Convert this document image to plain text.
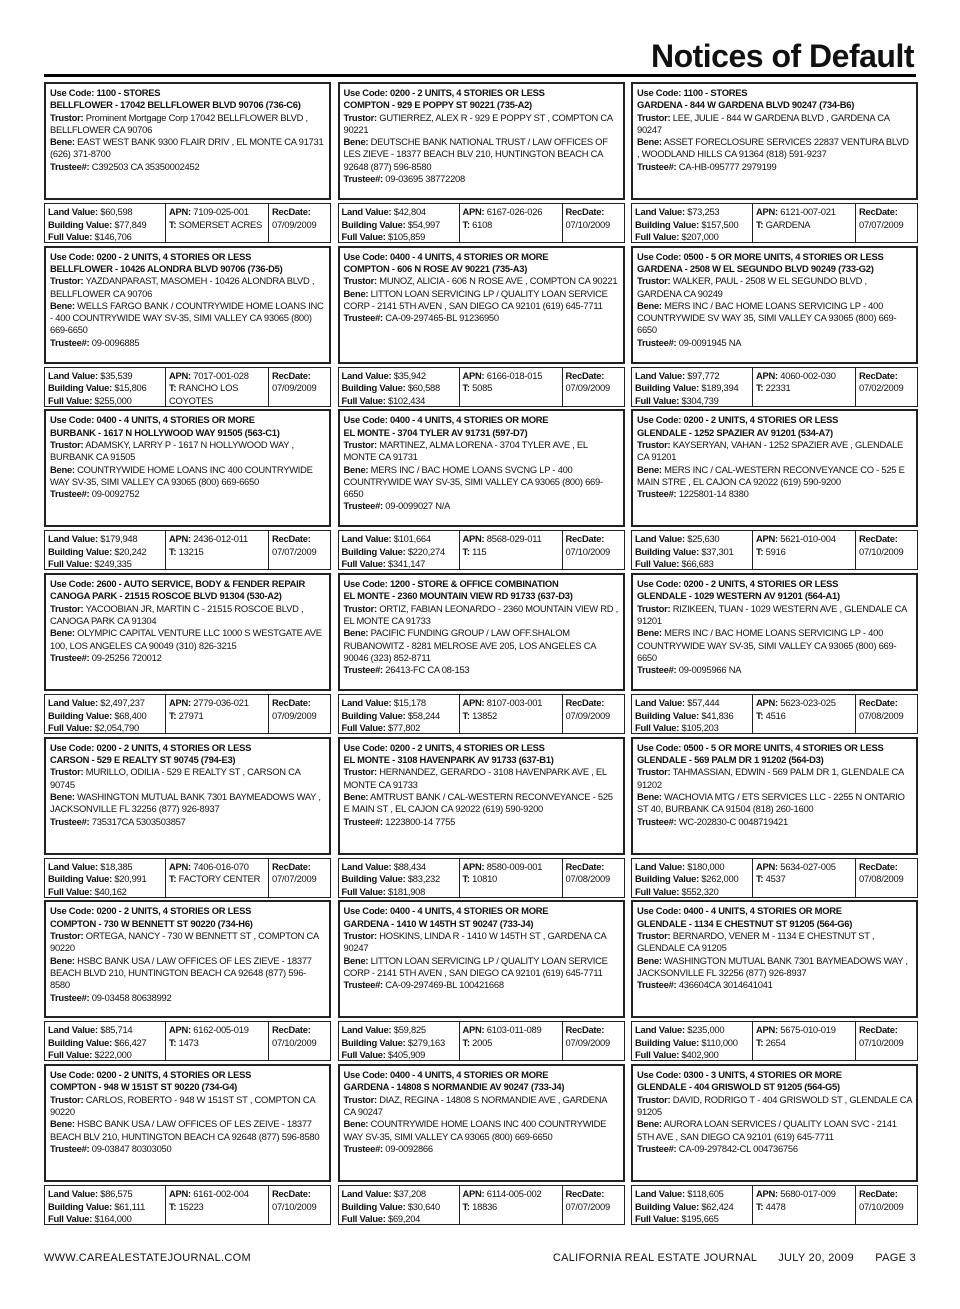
Notices of Default
Use Code: 1100 - STORES
BELLFLOWER - 17042 BELLFLOWER BLVD 90706 (736-C6)
Trustor: Prominent Mortgage Corp 17042 BELLFLOWER BLVD , BELLFLOWER CA 90706
Bene: EAST WEST BANK 9300 FLAIR DRIV , EL MONTE CA 91731 (626) 371-8700
Trustee#: C392503 CA 35350002452
Land Value: $60,598
Building Value: $77,849
Full Value: $146,706
APN: 7109-025-001
T: SOMERSET ACRES
RecDate:
07/09/2009
Use Code: 0200 - 2 UNITS, 4 STORIES OR LESS
COMPTON - 929 E POPPY ST 90221 (735-A2)
Trustor: GUTIERREZ, ALEX R - 929 E POPPY ST , COMPTON CA 90221
Bene: DEUTSCHE BANK NATIONAL TRUST / LAW OFFICES OF LES ZIEVE - 18377 BEACH BLV 210, HUNTINGTON BEACH CA 92648 (877) 596-8580
Trustee#: 09-03695 38772208
Land Value: $42,804
Building Value: $54,997
Full Value: $105,859
APN: 6167-026-026
T: 6108
RecDate:
07/10/2009
Use Code: 1100 - STORES
GARDENA - 844 W GARDENA BLVD 90247 (734-B6)
Trustor: LEE, JULIE - 844 W GARDENA BLVD , GARDENA CA 90247
Bene: ASSET FORECLOSURE SERVICES 22837 VENTURA BLVD , WOODLAND HILLS CA 91364 (818) 591-9237
Trustee#: CA-HB-095777 2979199
Land Value: $73,253
Building Value: $157,500
Full Value: $207,000
APN: 6121-007-021
T: GARDENA
RecDate:
07/07/2009
Use Code: 0200 - 2 UNITS, 4 STORIES OR LESS
BELLFLOWER - 10426 ALONDRA BLVD 90706 (736-D5)
Trustor: YAZDANPARAST, MASOMEH - 10426 ALONDRA BLVD , BELLFLOWER CA 90706
Bene: WELLS FARGO BANK / COUNTRYWIDE HOME LOANS INC - 400 COUNTRYWIDE WAY SV-35, SIMI VALLEY CA 93065 (800) 669-6650
Trustee#: 09-0096885
Land Value: $35,539
Building Value: $15,806
Full Value: $255,000
APN: 7017-001-028
T: RANCHO LOS COYOTES
RecDate:
07/09/2009
Use Code: 0400 - 4 UNITS, 4 STORIES OR MORE
COMPTON - 606 N ROSE AV 90221 (735-A3)
Trustor: MUNOZ, ALICIA - 606 N ROSE AVE , COMPTON CA 90221
Bene: LITTON LOAN SERVICING LP / QUALITY LOAN SERVICE CORP - 2141 5TH AVEN , SAN DIEGO CA 92101 (619) 645-7711
Trustee#: CA-09-297465-BL 91236950
Land Value: $35,942
Building Value: $60,588
Full Value: $102,434
APN: 6166-018-015
T: 5085
RecDate:
07/09/2009
Use Code: 0500 - 5 OR MORE UNITS, 4 STORIES OR LESS
GARDENA - 2508 W EL SEGUNDO BLVD 90249 (733-G2)
Trustor: WALKER, PAUL - 2508 W EL SEGUNDO BLVD , GARDENA CA 90249
Bene: MERS INC / BAC HOME LOANS SERVICING LP - 400 COUNTRYWIDE SV WAY 35, SIMI VALLEY CA 93065 (800) 669-6650
Trustee#: 09-0091945 NA
Land Value: $97,772
Building Value: $189,394
Full Value: $304,739
APN: 4060-002-030
T: 22331
RecDate:
07/02/2009
Use Code: 0400 - 4 UNITS, 4 STORIES OR MORE
BURBANK - 1617 N HOLLYWOOD WAY 91505 (563-C1)
Trustor: ADAMSKY, LARRY P - 1617 N HOLLYWOOD WAY , BURBANK CA 91505
Bene: COUNTRYWIDE HOME LOANS INC 400 COUNTRYWIDE WAY SV-35, SIMI VALLEY CA 93065 (800) 669-6650
Trustee#: 09-0092752
Land Value: $179,948
Building Value: $20,242
Full Value: $249,335
APN: 2436-012-011
T: 13215
RecDate:
07/07/2009
Use Code: 0400 - 4 UNITS, 4 STORIES OR MORE
EL MONTE - 3704 TYLER AV 91731 (597-D7)
Trustor: MARTINEZ, ALMA LORENA - 3704 TYLER AVE , EL MONTE CA 91731
Bene: MERS INC / BAC HOME LOANS SVCNG LP - 400 COUNTRYWIDE WAY SV-35, SIMI VALLEY CA 93065 (800) 669-6650
Trustee#: 09-0099027 N/A
Land Value: $101,664
Building Value: $220,274
Full Value: $341,147
APN: 8568-029-011
T: 115
RecDate:
07/10/2009
Use Code: 0200 - 2 UNITS, 4 STORIES OR LESS
GLENDALE - 1252 SPAZIER AV 91201 (534-A7)
Trustor: KAYSERYAN, VAHAN - 1252 SPAZIER AVE , GLENDALE CA 91201
Bene: MERS INC / CAL-WESTERN RECONVEYANCE CO - 525 E MAIN STRE , EL CAJON CA 92022 (619) 590-9200
Trustee#: 1225801-14 8380
Land Value: $25,630
Building Value: $37,301
Full Value: $66,683
APN: 5621-010-004
T: 5916
RecDate:
07/10/2009
Use Code: 2600 - AUTO SERVICE, BODY & FENDER REPAIR
CANOGA PARK - 21515 ROSCOE BLVD 91304 (530-A2)
Trustor: YACOOBIAN JR, MARTIN C - 21515 ROSCOE BLVD , CANOGA PARK CA 91304
Bene: OLYMPIC CAPITAL VENTURE LLC 1000 S WESTGATE AVE 100, LOS ANGELES CA 90049 (310) 826-3215
Trustee#: 09-25256 720012
Land Value: $2,497,237
Building Value: $68,400
Full Value: $2,054,790
APN: 2779-036-021
T: 27971
RecDate:
07/09/2009
Use Code: 1200 - STORE & OFFICE COMBINATION
EL MONTE - 2360 MOUNTAIN VIEW RD 91733 (637-D3)
Trustor: ORTIZ, FABIAN LEONARDO - 2360 MOUNTAIN VIEW RD , EL MONTE CA 91733
Bene: PACIFIC FUNDING GROUP / LAW OFF.SHALOM RUBANOWITZ - 8281 MELROSE AVE 205, LOS ANGELES CA 90046 (323) 852-8711
Trustee#: 26413-FC CA 08-153
Land Value: $15,178
Building Value: $58,244
Full Value: $77,802
APN: 8107-003-001
T: 13852
RecDate:
07/09/2009
Use Code: 0200 - 2 UNITS, 4 STORIES OR LESS
GLENDALE - 1029 WESTERN AV 91201 (564-A1)
Trustor: RIZIKEEN, TUAN - 1029 WESTERN AVE , GLENDALE CA 91201
Bene: MERS INC / BAC HOME LOANS SERVICING LP - 400 COUNTRYWIDE WAY SV-35, SIMI VALLEY CA 93065 (800) 669-6650
Trustee#: 09-0095966 NA
Land Value: $57,444
Building Value: $41,836
Full Value: $105,203
APN: 5623-023-025
T: 4516
RecDate:
07/08/2009
Use Code: 0200 - 2 UNITS, 4 STORIES OR LESS
CARSON - 529 E REALTY ST 90745 (794-E3)
Trustor: MURILLO, ODILIA - 529 E REALTY ST , CARSON CA 90745
Bene: WASHINGTON MUTUAL BANK 7301 BAYMEADOWS WAY , JACKSONVILLE FL 32256 (877) 926-8937
Trustee#: 735317CA 5303503857
Land Value: $18,385
Building Value: $20,991
Full Value: $40,162
APN: 7406-016-070
T: FACTORY CENTER
RecDate:
07/07/2009
Use Code: 0200 - 2 UNITS, 4 STORIES OR LESS
EL MONTE - 3108 HAVENPARK AV 91733 (637-B1)
Trustor: HERNANDEZ, GERARDO - 3108 HAVENPARK AVE , EL MONTE CA 91733
Bene: AMTRUST BANK / CAL-WESTERN RECONVEYANCE - 525 E MAIN ST , EL CAJON CA 92022 (619) 590-9200
Trustee#: 1223800-14 7755
Land Value: $88,434
Building Value: $83,232
Full Value: $181,908
APN: 8580-009-001
T: 10810
RecDate:
07/08/2009
Use Code: 0500 - 5 OR MORE UNITS, 4 STORIES OR LESS
GLENDALE - 569 PALM DR 1 91202 (564-D3)
Trustor: TAHMASSIAN, EDWIN - 569 PALM DR 1, GLENDALE CA 91202
Bene: WACHOVIA MTG / ETS SERVICES LLC - 2255 N ONTARIO ST 40, BURBANK CA 91504 (818) 260-1600
Trustee#: WC-202830-C 0048719421
Land Value: $180,000
Building Value: $262,000
Full Value: $552,320
APN: 5634-027-005
T: 4537
RecDate:
07/08/2009
Use Code: 0200 - 2 UNITS, 4 STORIES OR LESS
COMPTON - 730 W BENNETT ST 90220 (734-H6)
Trustor: ORTEGA, NANCY - 730 W BENNETT ST , COMPTON CA 90220
Bene: HSBC BANK USA / LAW OFFICES OF LES ZIEVE - 18377 BEACH BLVD 210, HUNTINGTON BEACH CA 92648 (877) 596-8580
Trustee#: 09-03458 80638992
Land Value: $85,714
Building Value: $66,427
Full Value: $222,000
APN: 6162-005-019
T: 1473
RecDate:
07/10/2009
Use Code: 0400 - 4 UNITS, 4 STORIES OR MORE
GARDENA - 1410 W 145TH ST 90247 (733-J4)
Trustor: HOSKINS, LINDA R - 1410 W 145TH ST , GARDENA CA 90247
Bene: LITTON LOAN SERVICING LP / QUALITY LOAN SERVICE CORP - 2141 5TH AVEN , SAN DIEGO CA 92101 (619) 645-7711
Trustee#: CA-09-297469-BL 100421668
Land Value: $59,825
Building Value: $279,163
Full Value: $405,909
APN: 6103-011-089
T: 2005
RecDate:
07/09/2009
Use Code: 0400 - 4 UNITS, 4 STORIES OR MORE
GLENDALE - 1134 E CHESTNUT ST 91205 (564-G6)
Trustor: BERNARDO, VENER M - 1134 E CHESTNUT ST , GLENDALE CA 91205
Bene: WASHINGTON MUTUAL BANK 7301 BAYMEADOWS WAY , JACKSONVILLE FL 32256 (877) 926-8937
Trustee#: 436604CA 3014641041
Land Value: $235,000
Building Value: $110,000
Full Value: $402,900
APN: 5675-010-019
T: 2654
RecDate:
07/10/2009
Use Code: 0200 - 2 UNITS, 4 STORIES OR LESS
COMPTON - 948 W 151ST ST 90220 (734-G4)
Trustor: CARLOS, ROBERTO - 948 W 151ST ST , COMPTON CA 90220
Bene: HSBC BANK USA / LAW OFFICES OF LES ZEIVE - 18377 BEACH BLV 210, HUNTINGTON BEACH CA 92648 (877) 596-8580
Trustee#: 09-03847 80303050
Land Value: $86,575
Building Value: $61,111
Full Value: $164,000
APN: 6161-002-004
T: 15223
RecDate:
07/10/2009
Use Code: 0400 - 4 UNITS, 4 STORIES OR MORE
GARDENA - 14808 S NORMANDIE AV 90247 (733-J4)
Trustor: DIAZ, REGINA - 14808 S NORMANDIE AVE , GARDENA CA 90247
Bene: COUNTRYWIDE HOME LOANS INC 400 COUNTRYWIDE WAY SV-35, SIMI VALLEY CA 93065 (800) 669-6650
Trustee#: 09-0092866
Land Value: $37,208
Building Value: $30,640
Full Value: $69,204
APN: 6114-005-002
T: 18836
RecDate:
07/07/2009
Use Code: 0300 - 3 UNITS, 4 STORIES OR MORE
GLENDALE - 404 GRISWOLD ST 91205 (564-G5)
Trustor: DAVID, RODRIGO T - 404 GRISWOLD ST , GLENDALE CA 91205
Bene: AURORA LOAN SERVICES / QUALITY LOAN SVC - 2141 5TH AVE , SAN DIEGO CA 92101 (619) 645-7711
Trustee#: CA-09-297842-CL 004736756
Land Value: $118,605
Building Value: $62,424
Full Value: $195,665
APN: 5680-017-009
T: 4478
RecDate:
07/10/2009
WWW.CAREALESTATEJOURNAL.COM	CALIFORNIA REAL ESTATE JOURNAL JULY 20, 2009 PAGE 3
